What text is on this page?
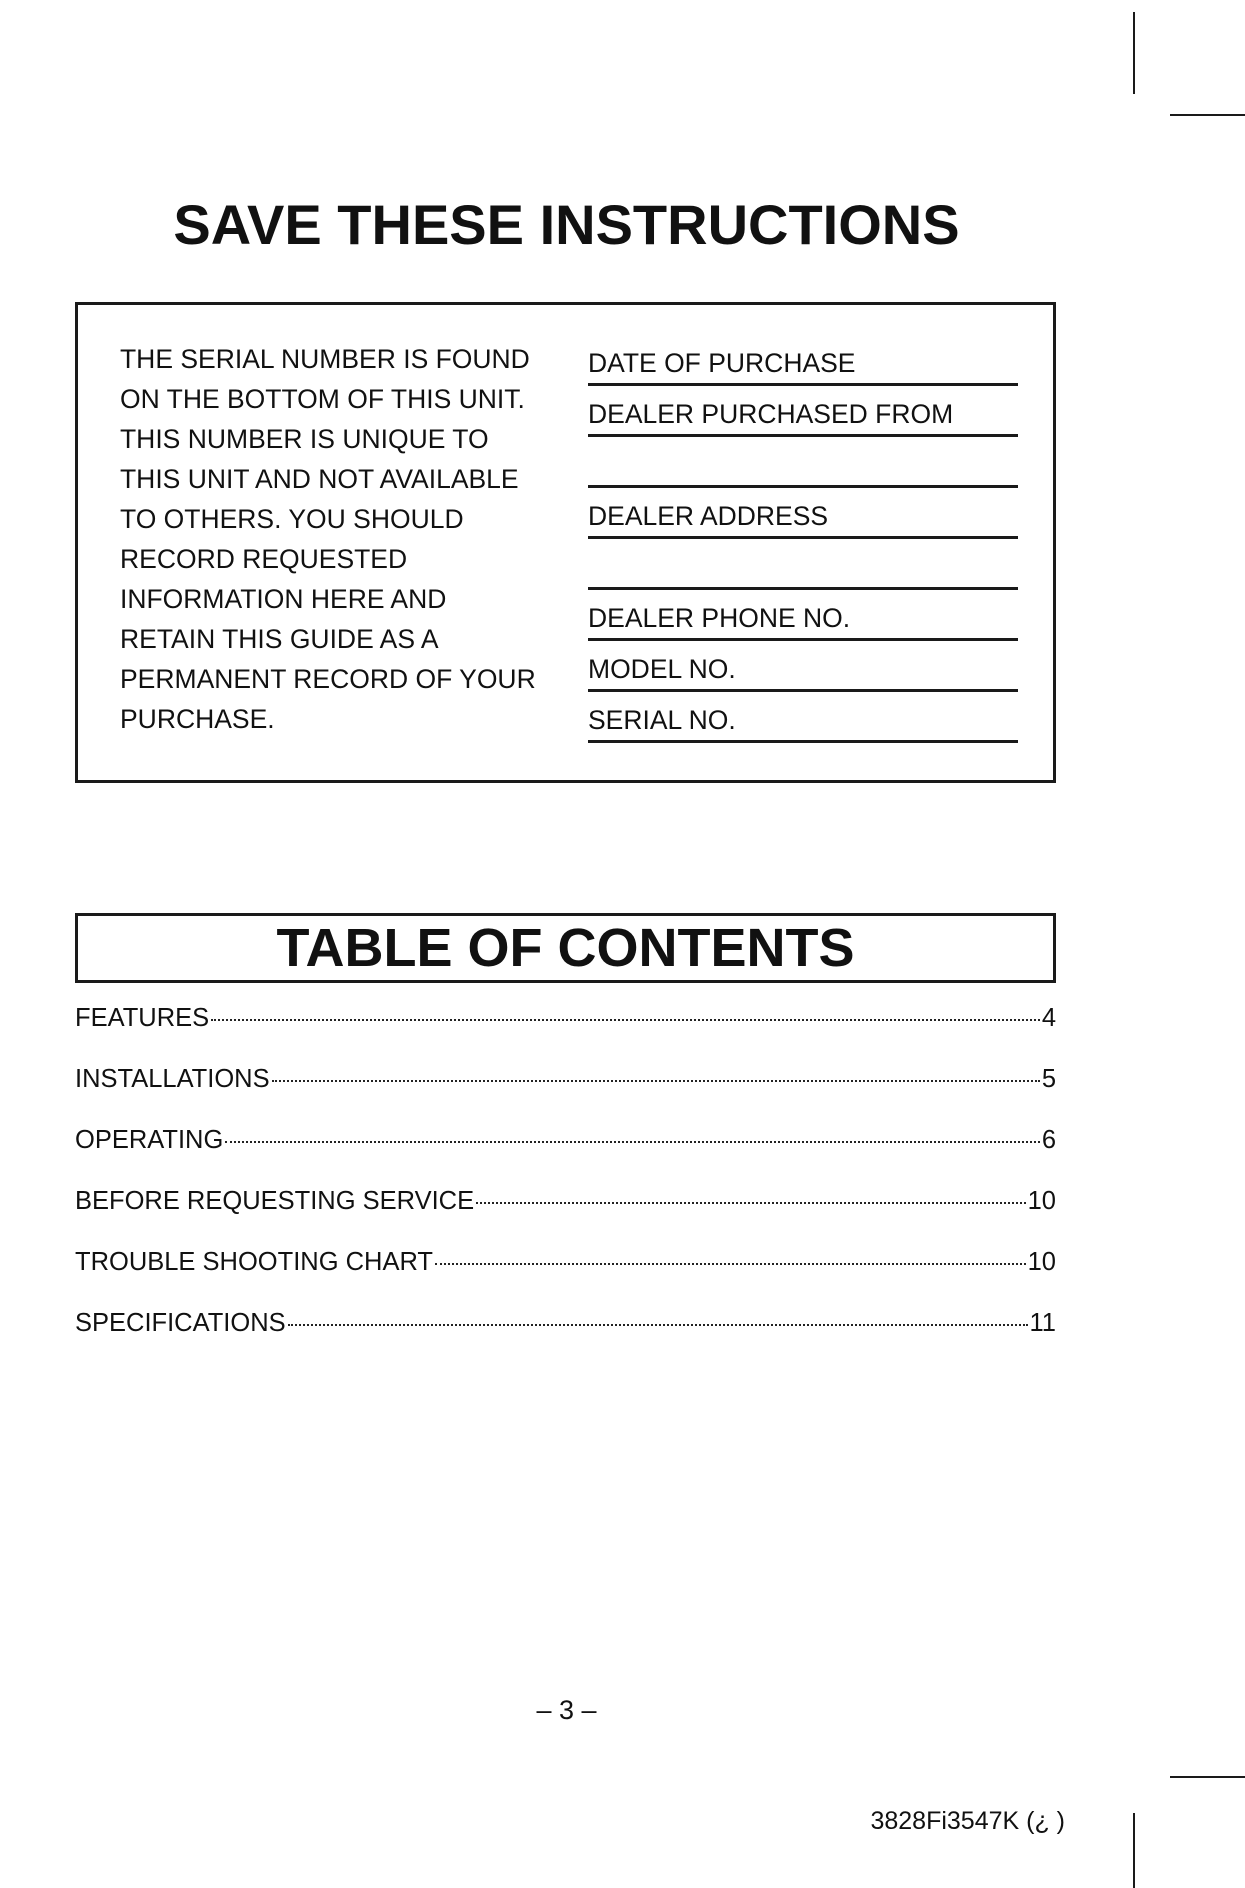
SAVE THESE INSTRUCTIONS

THE SERIAL NUMBER IS FOUND
ON THE BOTTOM OF THIS UNIT.
THIS NUMBER IS UNIQUE TO
THIS UNIT AND NOT AVAILABLE
TO OTHERS. YOU SHOULD
RECORD REQUESTED
INFORMATION HERE AND
RETAIN THIS GUIDE AS A
PERMANENT RECORD OF YOUR
PURCHASE.

DATE OF PURCHASE
DEALER PURCHASED FROM
DEALER ADDRESS
DEALER PHONE NO.
MODEL NO.
SERIAL NO.
TABLE OF CONTENTS
FEATURES	4
INSTALLATIONS	5
OPERATING	6
BEFORE REQUESTING SERVICE	10
TROUBLE SHOOTING CHART	10
SPECIFICATIONS	11
– 3 –
3828Fi3547K (¿ )
